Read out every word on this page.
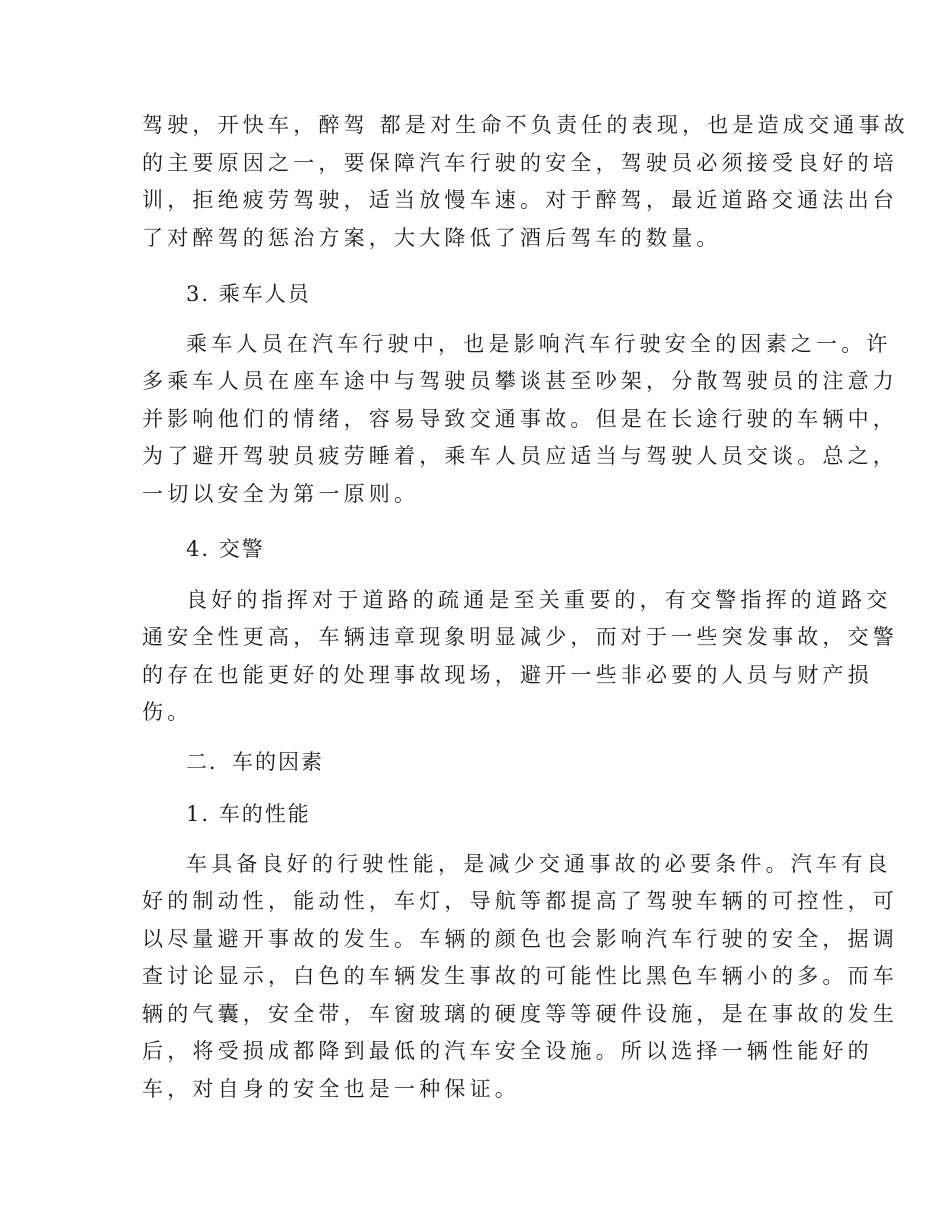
驾驶，开快车，醉驾 都是对生命不负责任的表现，也是造成交通事故
的主要原因之一，要保障汽车行驶的安全，驾驶员必须接受良好的培
训，拒绝疲劳驾驶，适当放慢车速。对于醉驾，最近道路交通法出台
了对醉驾的惩治方案，大大降低了酒后驾车的数量。
3. 乘车人员
乘车人员在汽车行驶中，也是影响汽车行驶安全的因素之一。许
多乘车人员在座车途中与驾驶员攀谈甚至吵架，分散驾驶员的注意力
并影响他们的情绪，容易导致交通事故。但是在长途行驶的车辆中，
为了避开驾驶员疲劳睡着，乘车人员应适当与驾驶人员交谈。总之，
一切以安全为第一原则。
4. 交警
良好的指挥对于道路的疏通是至关重要的，有交警指挥的道路交
通安全性更高，车辆违章现象明显减少，而对于一些突发事故，交警
的存在也能更好的处理事故现场，避开一些非必要的人员与财产损
伤。
二．车的因素
1. 车的性能
车具备良好的行驶性能，是减少交通事故的必要条件。汽车有良
好的制动性，能动性，车灯，导航等都提高了驾驶车辆的可控性，可
以尽量避开事故的发生。车辆的颜色也会影响汽车行驶的安全，据调
查讨论显示，白色的车辆发生事故的可能性比黑色车辆小的多。而车
辆的气囊，安全带，车窗玻璃的硬度等等硬件设施，是在事故的发生
后，将受损成都降到最低的汽车安全设施。所以选择一辆性能好的
车，对自身的安全也是一种保证。
